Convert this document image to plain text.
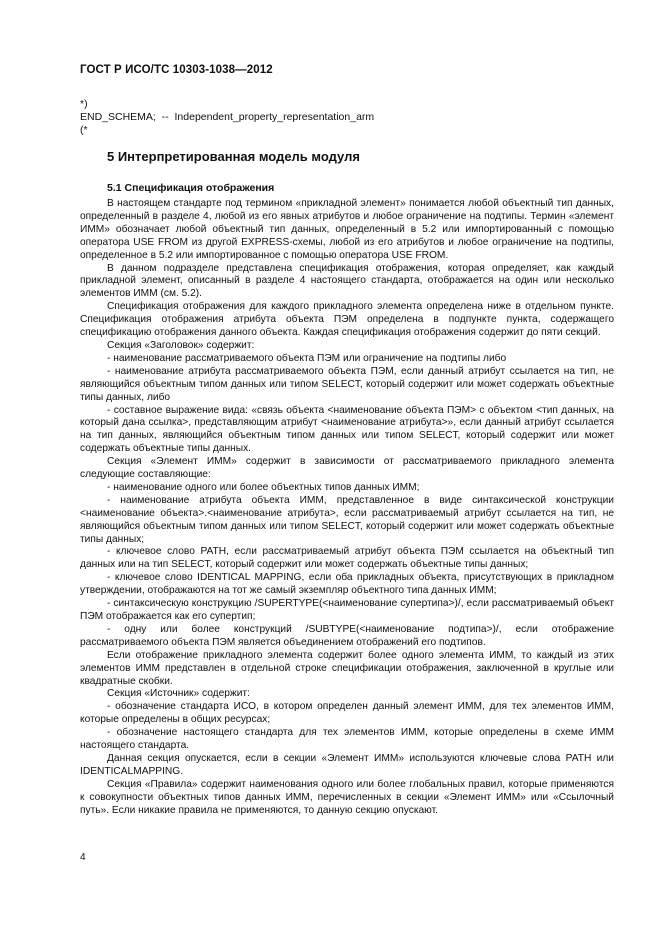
ГОСТ Р ИСО/ТС 10303-1038—2012
*)
END_SCHEMA;  --  Independent_property_representation_arm
(*
5 Интерпретированная модель модуля
5.1 Спецификация отображения

В настоящем стандарте под термином «прикладной элемент» понимается любой объектный тип данных, определенный в разделе 4, любой из его явных атрибутов и любое ограничение на подтипы. Термин «элемент ИММ» обозначает любой объектный тип данных, определенный в 5.2 или импортированный с помощью оператора USE FROM из другой EXPRESS-схемы, любой из его атрибутов и любое ограничение на подтипы, определенное в 5.2 или импортированное с помощью оператора USE FROM.

В данном подразделе представлена спецификация отображения, которая определяет, как каждый прикладной элемент, описанный в разделе 4 настоящего стандарта, отображается на один или несколько элементов ИММ (см. 5.2).

Спецификация отображения для каждого прикладного элемента определена ниже в отдельном пункте. Спецификация отображения атрибута объекта ПЭМ определена в подпункте пункта, содержащего спецификацию отображения данного объекта. Каждая спецификация отображения содержит до пяти секций.

Секция «Заголовок» содержит:

- наименование рассматриваемого объекта ПЭМ или ограничение на подтипы либо

- наименование атрибута рассматриваемого объекта ПЭМ, если данный атрибут ссылается на тип, не являющийся объектным типом данных или типом SELECT, который содержит или может содержать объектные типы данных, либо

- составное выражение вида: «связь объекта <наименование объекта ПЭМ> с объектом <тип данных, на который дана ссылка>, представляющим атрибут <наименование атрибута>», если данный атрибут ссылается на тип данных, являющийся объектным типом данных или типом SELECT, который содержит или может содержать объектные типы данных.

Секция «Элемент ИММ» содержит в зависимости от рассматриваемого прикладного элемента следующие составляющие:

- наименование одного или более объектных типов данных ИММ;

- наименование атрибута объекта ИММ, представленное в виде синтаксической конструкции <наименование объекта>.<наименование атрибута>, если рассматриваемый атрибут ссылается на тип, не являющийся объектным типом данных или типом SELECT, который содержит или может содержать объектные типы данных;

- ключевое слово PATH, если рассматриваемый атрибут объекта ПЭМ ссылается на объектный тип данных или на тип SELECT, который содержит или может содержать объектные типы данных;

- ключевое слово IDENTICAL MAPPING, если оба прикладных объекта, присутствующих в прикладном утверждении, отображаются на тот же самый экземпляр объектного типа данных ИММ;

- синтаксическую конструкцию /SUPERTYPE(<наименование супертипа>)/, если рассматриваемый объект ПЭМ отображается как его супертип;

- одну или более конструкций /SUBTYPE(<наименование подтипа>)/, если отображение рассматриваемого объекта ПЭМ является объединением отображений его подтипов.

Если отображение прикладного элемента содержит более одного элемента ИММ, то каждый из этих элементов ИММ представлен в отдельной строке спецификации отображения, заключенной в круглые или квадратные скобки.

Секция «Источник» содержит:

- обозначение стандарта ИСО, в котором определен данный элемент ИММ, для тех элементов ИММ, которые определены в общих ресурсах;

- обозначение настоящего стандарта для тех элементов ИММ, которые определены в схеме ИММ настоящего стандарта.

Данная секция опускается, если в секции «Элемент ИММ» используются ключевые слова PATH или IDENTICALMAPPING.

Секция «Правила» содержит наименования одного или более глобальных правил, которые применяются к совокупности объектных типов данных ИММ, перечисленных в секции «Элемент ИММ» или «Ссылочный путь». Если никакие правила не применяются, то данную секцию опускают.

4
